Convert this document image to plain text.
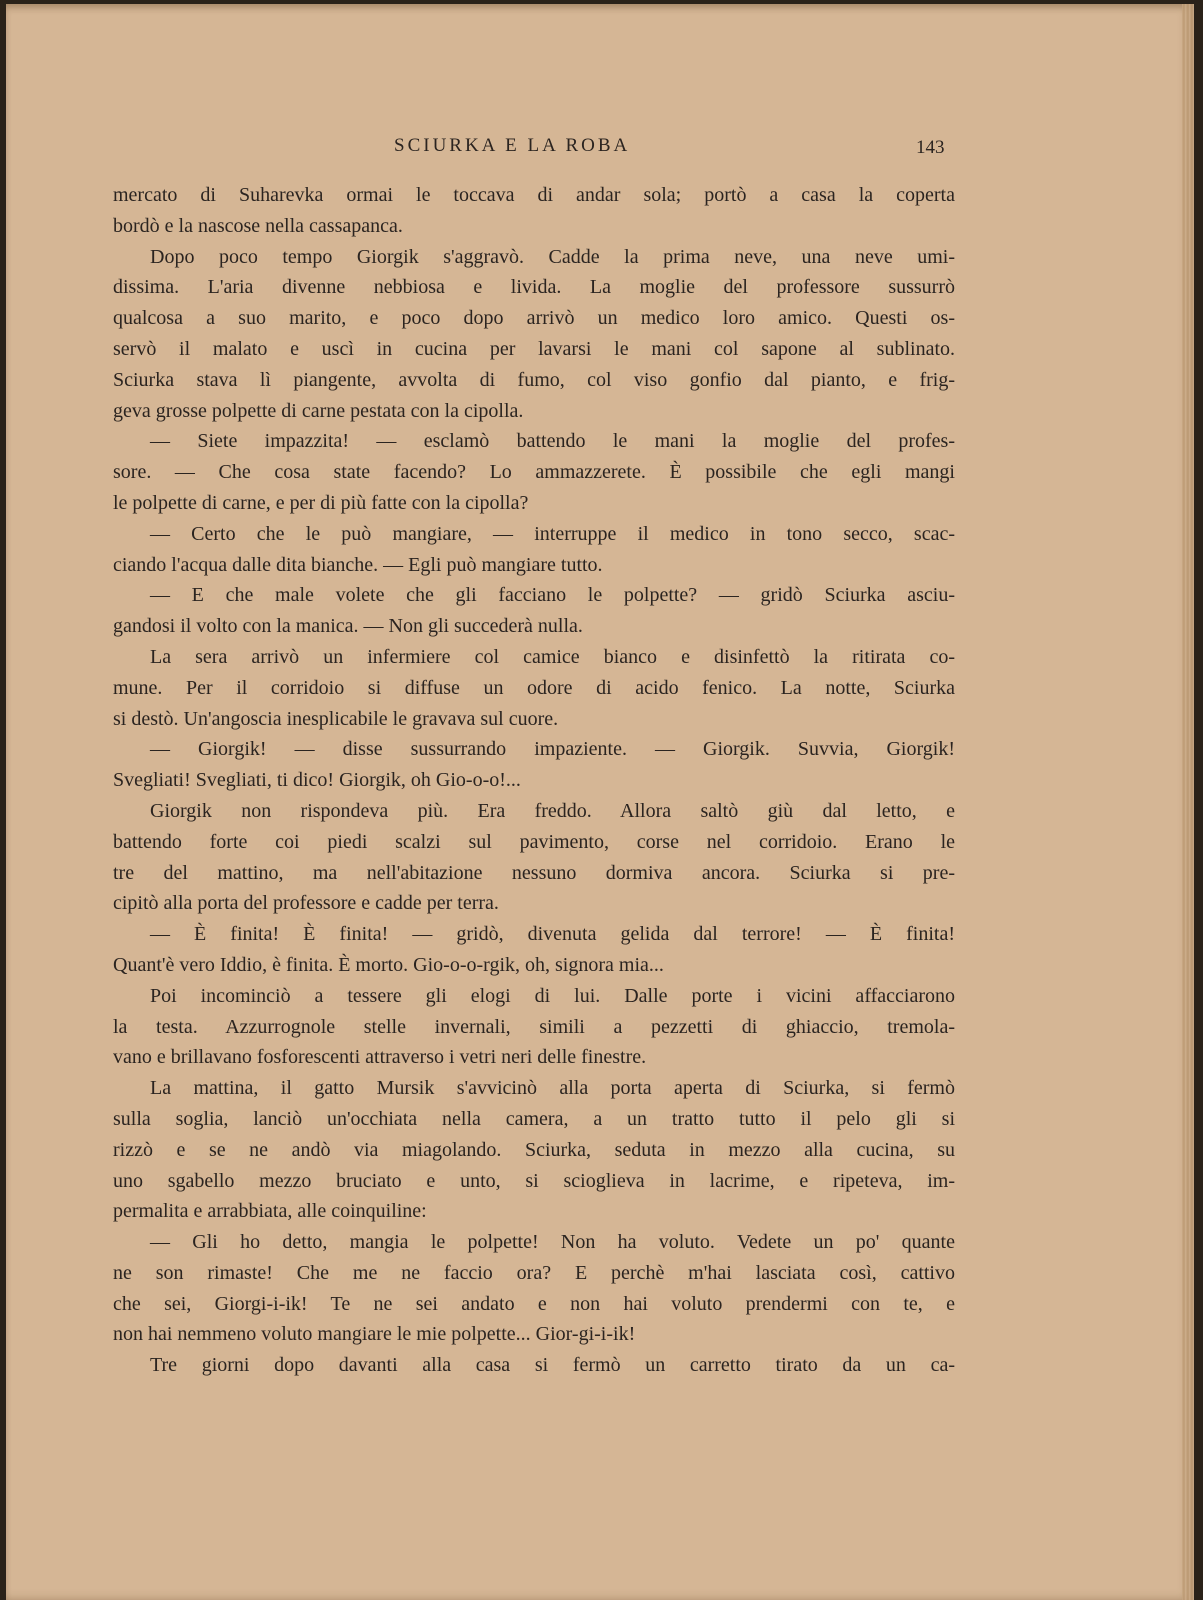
SCIURKA E LA ROBA	143
mercato di Suharevka ormai le toccava di andar sola; portò a casa la coperta
bordò e la nascose nella cassapanca.
Dopo poco tempo Giorgik s'aggravò. Cadde la prima neve, una neve umi-
dissima. L'aria divenne nebbiosa e livida. La moglie del professore sussurrò
qualcosa a suo marito, e poco dopo arrivò un medico loro amico. Questi os-
servò il malato e uscì in cucina per lavarsi le mani col sapone al sublinato.
Sciurka stava lì piangente, avvolta di fumo, col viso gonfio dal pianto, e frig-
geva grosse polpette di carne pestata con la cipolla.
— Siete impazzita! — esclamò battendo le mani la moglie del profes-
sore. — Che cosa state facendo? Lo ammazzerete. È possibile che egli mangi
le polpette di carne, e per di più fatte con la cipolla?
— Certo che le può mangiare, — interruppe il medico in tono secco, scac-
ciando l'acqua dalle dita bianche. — Egli può mangiare tutto.
— E che male volete che gli facciano le polpette? — gridò Sciurka asciu-
gandosi il volto con la manica. — Non gli succederà nulla.
La sera arrivò un infermiere col camice bianco e disinfettò la ritirata co-
mune. Per il corridoio si diffuse un odore di acido fenico. La notte, Sciurka
si destò. Un'angoscia inesplicabile le gravava sul cuore.
— Giorgik! — disse sussurrando impaziente. — Giorgik. Suvvia, Giorgik!
Svegliati! Svegliati, ti dico! Giorgik, oh Gio-o-o!...
Giorgik non rispondeva più. Era freddo. Allora saltò giù dal letto, e
battendo forte coi piedi scalzi sul pavimento, corse nel corridoio. Erano le
tre del mattino, ma nell'abitazione nessuno dormiva ancora. Sciurka si pre-
cipitò alla porta del professore e cadde per terra.
— È finita! È finita! — gridò, divenuta gelida dal terrore! — È finita!
Quant'è vero Iddio, è finita. È morto. Gio-o-o-rgik, oh, signora mia...
Poi incominciò a tessere gli elogi di lui. Dalle porte i vicini affacciarono
la testa. Azzurrognole stelle invernali, simili a pezzetti di ghiaccio, tremola-
vano e brillavano fosforescenti attraverso i vetri neri delle finestre.
La mattina, il gatto Mursik s'avvicinò alla porta aperta di Sciurka, si fermò
sulla soglia, lanciò un'occhiata nella camera, a un tratto tutto il pelo gli si
rizzò e se ne andò via miagolando. Sciurka, seduta in mezzo alla cucina, su
uno sgabello mezzo bruciato e unto, si scioglieva in lacrime, e ripeteva, im-
permalita e arrabbiata, alle coinquiline:
— Gli ho detto, mangia le polpette! Non ha voluto. Vedete un po' quante
ne son rimaste! Che me ne faccio ora? E perchè m'hai lasciata così, cattivo
che sei, Giorgi-i-ik! Te ne sei andato e non hai voluto prendermi con te, e
non hai nemmeno voluto mangiare le mie polpette... Gior-gi-i-ik!
Tre giorni dopo davanti alla casa si fermò un carretto tirato da un ca-
